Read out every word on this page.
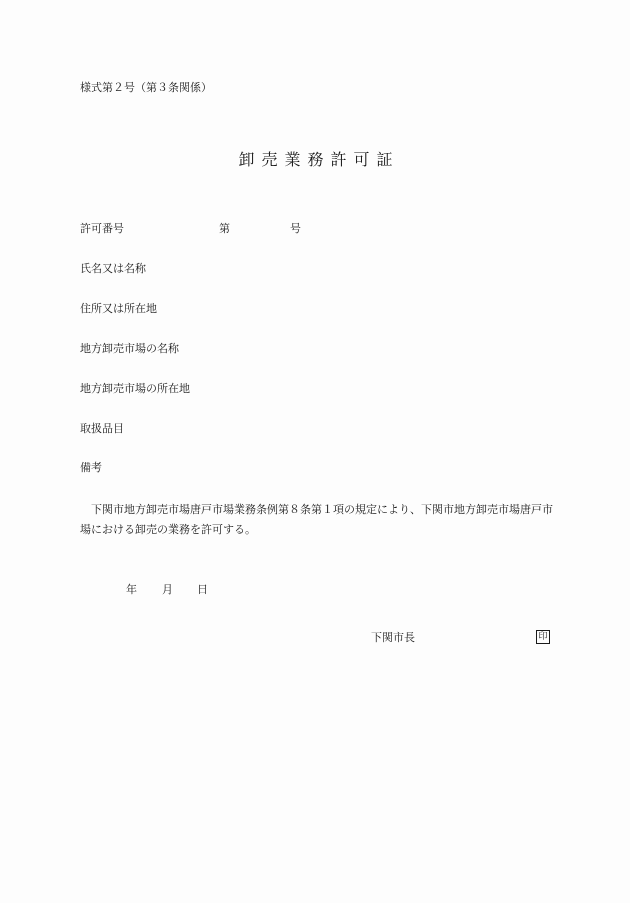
様式第２号（第３条関係）
卸売業務許可証
許可番号	第	号
氏名又は名称
住所又は所在地
地方卸売市場の名称
地方卸売市場の所在地
取扱品目
備考
下関市地方卸売市場唐戸市場業務条例第８条第１項の規定により、下関市地方卸売市場唐戸市場における卸売の業務を許可する。
年 月 日
下関市長	印
